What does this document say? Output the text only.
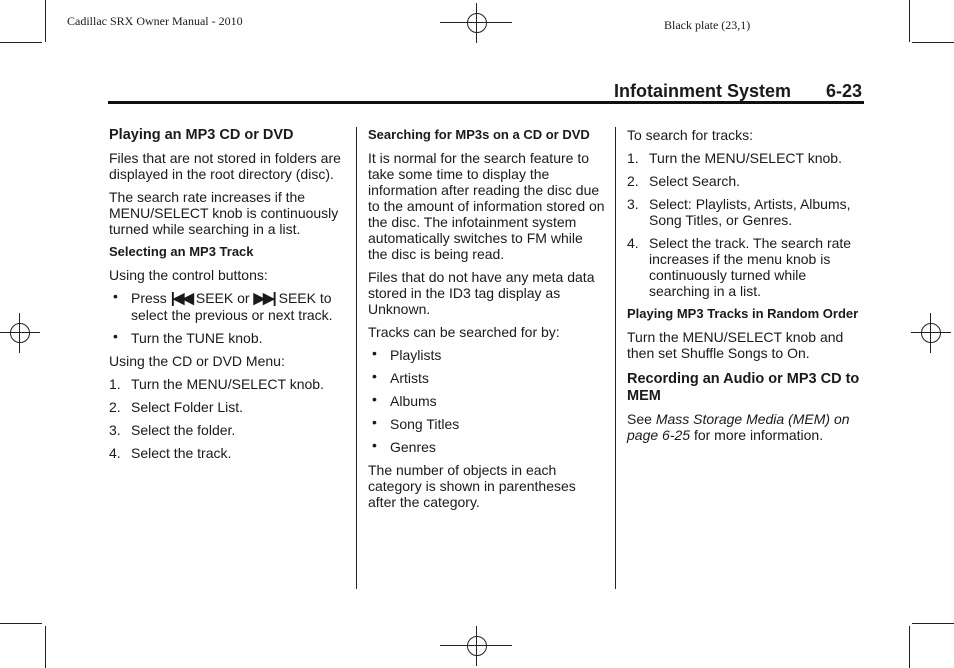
Cadillac SRX Owner Manual - 2010	Black plate (23,1)
Infotainment System 6-23
Playing an MP3 CD or DVD
Files that are not stored in folders are displayed in the root directory (disc).
The search rate increases if the MENU/SELECT knob is continuously turned while searching in a list.
Selecting an MP3 Track
Using the control buttons:
• Press |◀◀ SEEK or ▶▶| SEEK to select the previous or next track.
• Turn the TUNE knob.
Using the CD or DVD Menu:
1. Turn the MENU/SELECT knob.
2. Select Folder List.
3. Select the folder.
4. Select the track.
Searching for MP3s on a CD or DVD
It is normal for the search feature to take some time to display the information after reading the disc due to the amount of information stored on the disc. The infotainment system automatically switches to FM while the disc is being read.
Files that do not have any meta data stored in the ID3 tag display as Unknown.
Tracks can be searched for by:
• Playlists
• Artists
• Albums
• Song Titles
• Genres
The number of objects in each category is shown in parentheses after the category.
To search for tracks:
1. Turn the MENU/SELECT knob.
2. Select Search.
3. Select: Playlists, Artists, Albums, Song Titles, or Genres.
4. Select the track. The search rate increases if the menu knob is continuously turned while searching in a list.
Playing MP3 Tracks in Random Order
Turn the MENU/SELECT knob and then set Shuffle Songs to On.
Recording an Audio or MP3 CD to MEM
See Mass Storage Media (MEM) on page 6-25 for more information.
